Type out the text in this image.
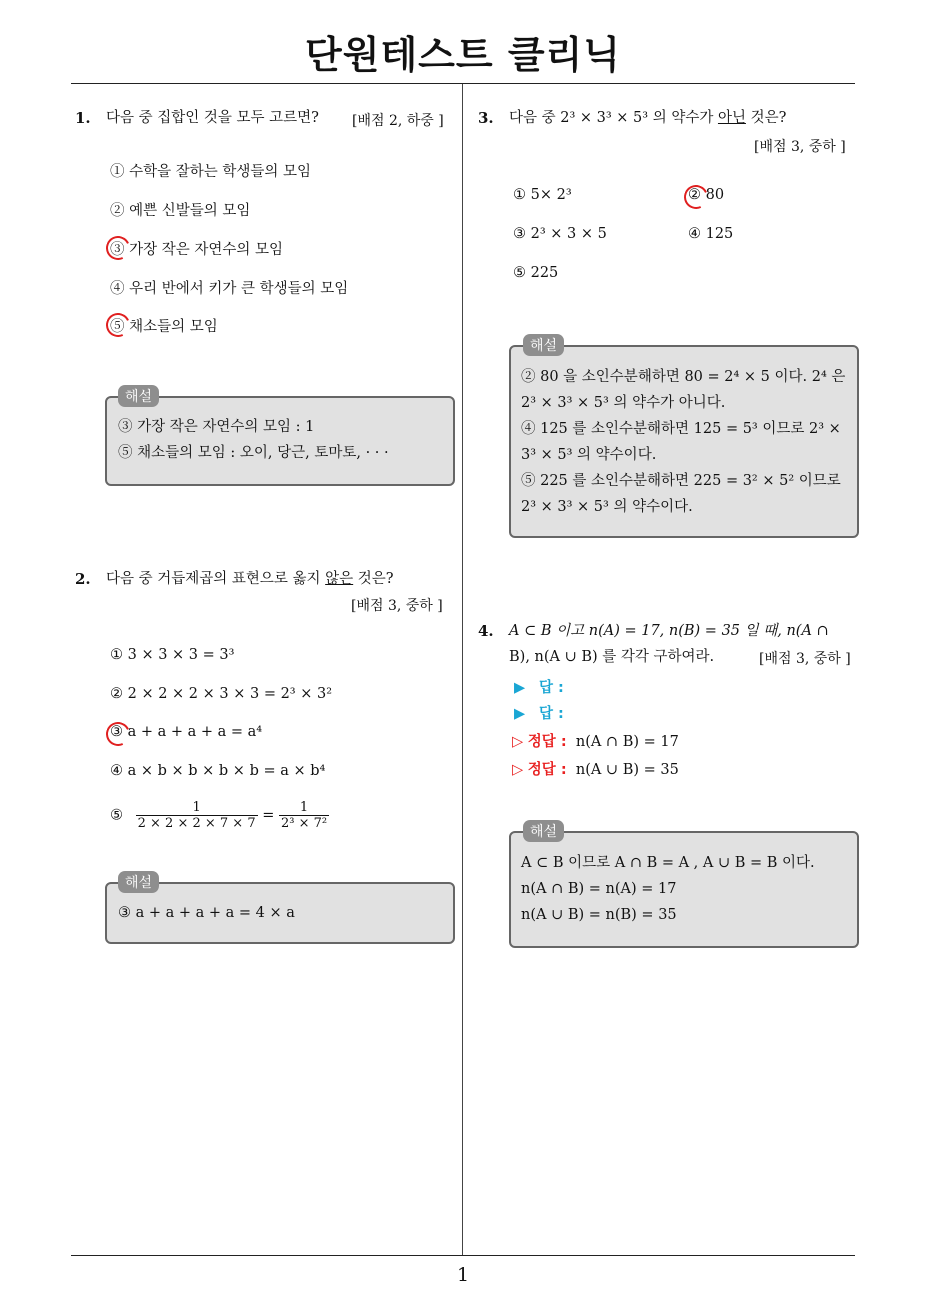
단원테스트 클리닉
1
1. 다음 중 집합인 것을 모두 고르면? [배점 2, 하중 ]
① 수학을 잘하는 학생들의 모임
② 예쁜 신발들의 모임
③ 가장 작은 자연수의 모임
④ 우리 반에서 키가 큰 학생들의 모임
⑤ 채소들의 모임
해설
③ 가장 작은 자연수의 모임 : 1
⑤ 채소들의 모임 : 오이, 당근, 토마토, · · ·
2. 다음 중 거듭제곱의 표현으로 옳지 않은 것은?
[배점 3, 중하 ]
① 3 × 3 × 3 = 3³
② 2 × 2 × 2 × 3 × 3 = 2³ × 3²
③ a + a + a + a = a⁴
④ a × b × b × b × b = a × b⁴
⑤ $\frac{1}{2 \times 2 \times 2 \times 7 \times 7} = \frac{1}{\text{2³ × 7²}}$
해설
③ a + a + a + a = 4 × a
3. 다음 중 2³ × 3³ × 5³ 의 약수가 아닌 것은?
[배점 3, 중하 ]
① 5× 2³	② 80
③ 2³ × 3 × 5	④ 125
⑤ 225
해설
② 80 을 소인수분해하면 80 = 2⁴ × 5 이다. 2⁴ 은
2³ × 3³ × 5³ 의 약수가 아니다.
④ 125 를 소인수분해하면 125 = 5³ 이므로 2³ ×
3³ × 5³ 의 약수이다.
⑤ 225 를 소인수분해하면 225 = 3² × 5² 이므로
2³ × 3³ × 5³ 의 약수이다.
4. A ⊂ B 이고 n(A) = 17, n(B) = 35 일 때, n(A ∩
B), n(A ∪ B) 를 각각 구하여라.	[배점 3, 중하 ]
▶ 답 :
▶ 답 :
▷ 정답 : n(A ∩ B) = 17
▷ 정답 : n(A ∪ B) = 35
해설
A ⊂ B 이므로 A ∩ B = A , A ∪ B = B 이다.
n(A ∩ B) = n(A) = 17
n(A ∪ B) = n(B) = 35
